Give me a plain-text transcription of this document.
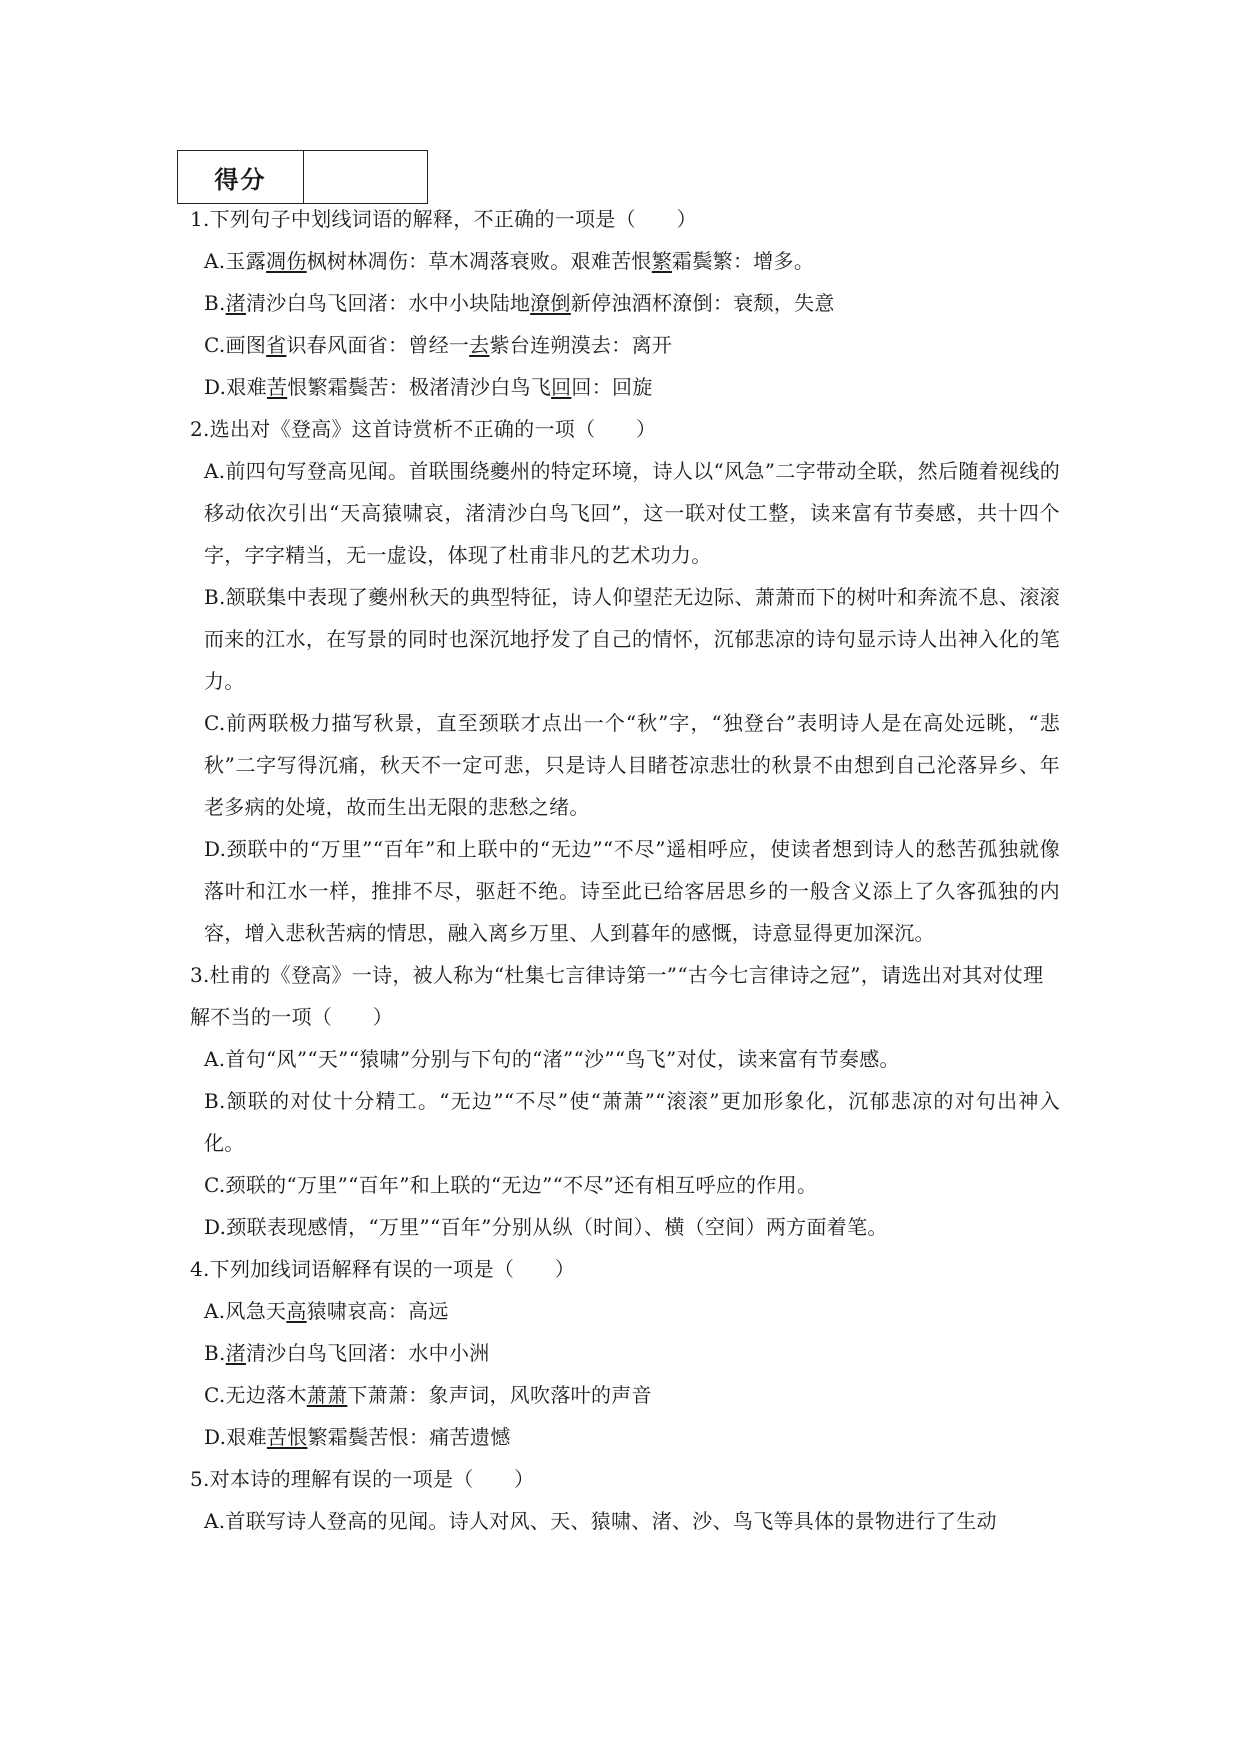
得分	
1.下列句子中划线词语的解释，不正确的一项是（　　）
A.玉露凋伤枫树林凋伤：草木凋落衰败。艰难苦恨繁霜鬓繁：增多。
B.渚清沙白鸟飞回渚：水中小块陆地潦倒新停浊酒杯潦倒：衰颓，失意
C.画图省识春风面省：曾经一去紫台连朔漠去：离开
D.艰难苦恨繁霜鬓苦：极渚清沙白鸟飞回回：回旋
2.选出对《登高》这首诗赏析不正确的一项（　　）
A.前四句写登高见闻。首联围绕夔州的特定环境，诗人以“风急”二字带动全联，然后随着视线的移动依次引出“天高猿啸哀，渚清沙白鸟飞回”，这一联对仗工整，读来富有节奏感，共十四个字，字字精当，无一虚设，体现了杜甫非凡的艺术功力。
B.颔联集中表现了夔州秋天的典型特征，诗人仰望茫无边际、萧萧而下的树叶和奔流不息、滚滚而来的江水，在写景的同时也深沉地抒发了自己的情怀，沉郁悲凉的诗句显示诗人出神入化的笔力。
C.前两联极力描写秋景，直至颈联才点出一个“秋”字，“独登台”表明诗人是在高处远眺，“悲秋”二字写得沉痛，秋天不一定可悲，只是诗人目睹苍凉悲壮的秋景不由想到自己沦落异乡、年老多病的处境，故而生出无限的悲愁之绪。
D.颈联中的“万里”“百年”和上联中的“无边”“不尽”遥相呼应，使读者想到诗人的愁苦孤独就像落叶和江水一样，推排不尽，驱赶不绝。诗至此已给客居思乡的一般含义添上了久客孤独的内容，增入悲秋苦病的情思，融入离乡万里、人到暮年的感慨，诗意显得更加深沉。
3.杜甫的《登高》一诗，被人称为“杜集七言律诗第一”“古今七言律诗之冠”，请选出对其对仗理解不当的一项（　　）
A.首句“风”“天”“猿啸”分别与下句的“渚”“沙”“鸟飞”对仗，读来富有节奏感。
B.颔联的对仗十分精工。“无边”“不尽”使“萧萧”“滚滚”更加形象化，沉郁悲凉的对句出神入化。
C.颈联的“万里”“百年”和上联的“无边”“不尽”还有相互呼应的作用。
D.颈联表现感情，“万里”“百年”分别从纵（时间）、横（空间）两方面着笔。
4.下列加线词语解释有误的一项是（　　）
A.风急天高猿啸哀高：高远
B.渚清沙白鸟飞回渚：水中小洲
C.无边落木萧萧下萧萧：象声词，风吹落叶的声音
D.艰难苦恨繁霜鬓苦恨：痛苦遗憾
5.对本诗的理解有误的一项是（　　）
A.首联写诗人登高的见闻。诗人对风、天、猿啸、渚、沙、鸟飞等具体的景物进行了生动
